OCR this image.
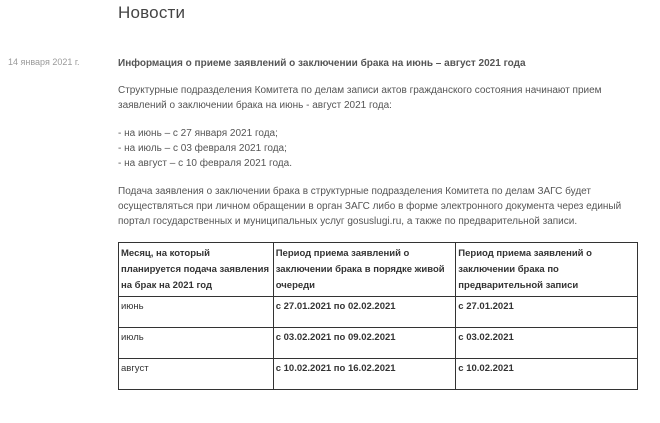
Новости
14 января 2021 г.	Информация о приеме заявлений о заключении брака на июнь – август 2021 года
Структурные подразделения Комитета по делам записи актов гражданского состояния начинают прием заявлений о заключении брака на июнь - август 2021 года:
- на июнь – с 27 января 2021 года;
- на июль – с 03 февраля 2021 года;
- на август – с 10 февраля 2021 года.
Подача заявления о заключении брака в структурные подразделения Комитета по делам ЗАГС будет осуществляться при личном обращении в орган ЗАГС либо в форме электронного документа через единый портал государственных и муниципальных услуг gosuslugi.ru, а также по предварительной записи.
Месяц, на который планируется подача заявления на брак на 2021 год	Период приема заявлений о заключении брака в порядке живой очереди	Период приема заявлений о заключении брака по предварительной записи
июнь	с 27.01.2021 по 02.02.2021	с 27.01.2021
июль	с 03.02.2021 по 09.02.2021	с 03.02.2021
август	с 10.02.2021 по 16.02.2021	с 10.02.2021
